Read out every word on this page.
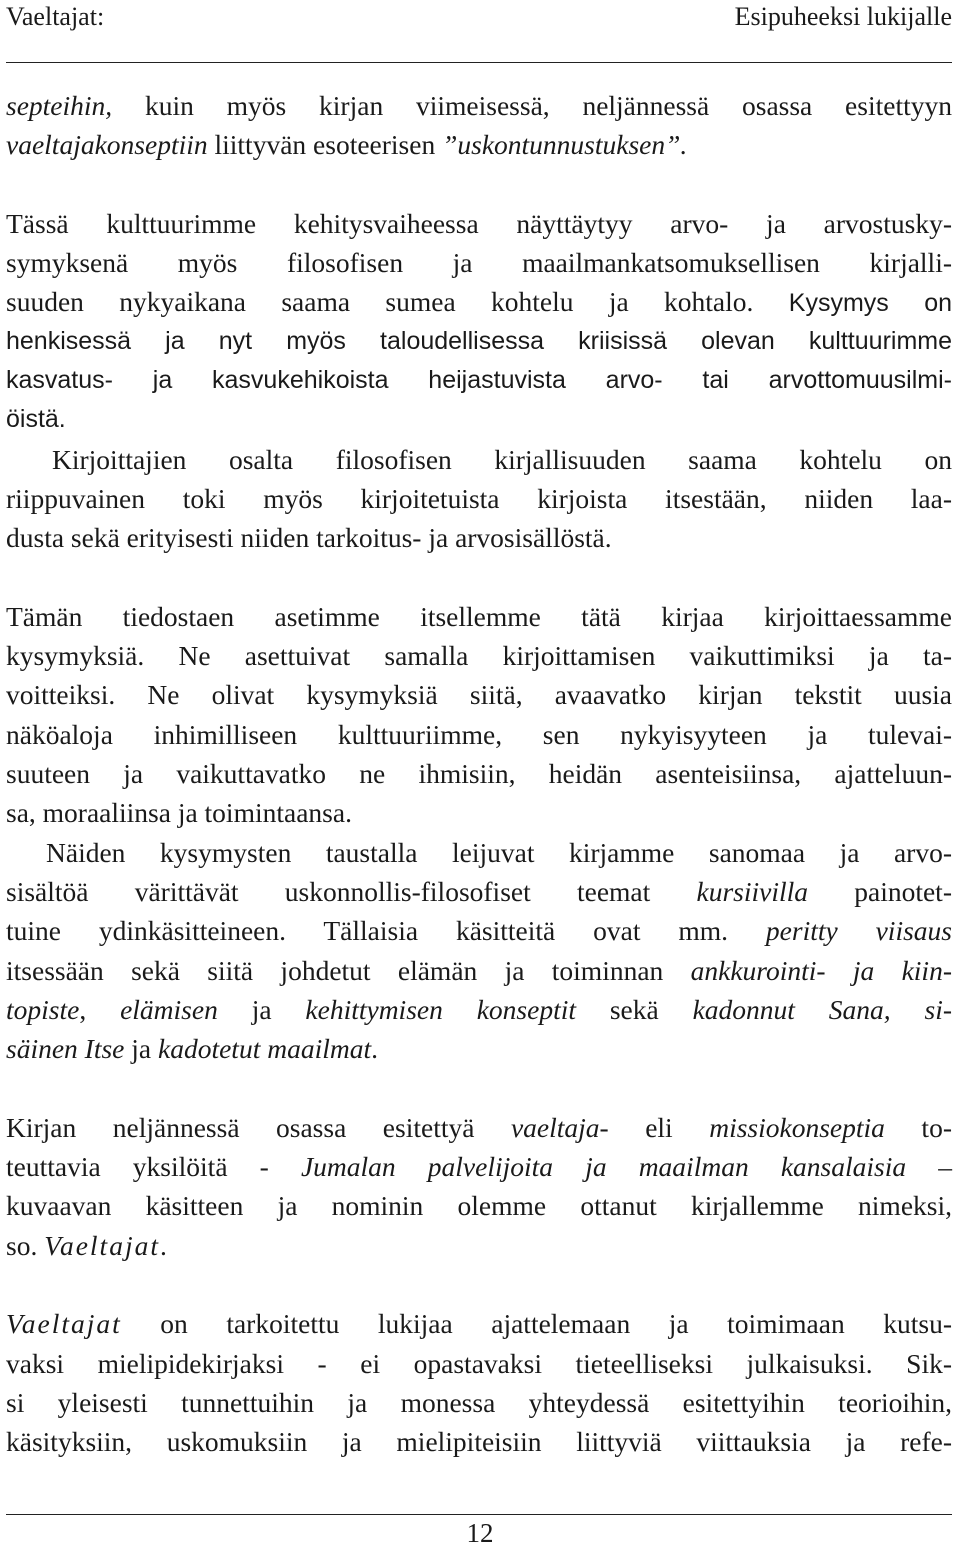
Vaeltajat:	Esipuheeksi lukijalle

septeihin, kuin myös kirjan viimeisessä, neljännessä osassa esitettyyn
vaeltajakonseptiin liittyvän esoteerisen ”uskontunnustuksen”.

Tässä kulttuurimme kehitysvaiheessa näyttäytyy arvo- ja arvostusky-
symyksenä myös filosofisen ja maailmankatsomuksellisen kirjalli-
suuden nykyaikana saama sumea kohtelu ja kohtalo. Kysymys on
henkisessä ja nyt myös taloudellisessa kriisissä olevan kulttuurimme
kasvatus- ja kasvukehikoista heijastuvista arvo- tai arvottomuusilmi-
öistä.

Kirjoittajien osalta filosofisen kirjallisuuden saama kohtelu on
riippuvainen toki myös kirjoitetuista kirjoista itsestään, niiden laa-
dusta sekä erityisesti niiden tarkoitus- ja arvosisällöstä.

Tämän tiedostaen asetimme itsellemme tätä kirjaa kirjoittaessamme
kysymyksiä. Ne asettuivat samalla kirjoittamisen vaikuttimiksi ja ta-
voitteiksi. Ne olivat kysymyksiä siitä, avaavatko kirjan tekstit uusia
näköaloja inhimilliseen kulttuuriimme, sen nykyisyyteen ja tulevai-
suuteen ja vaikuttavatko ne ihmisiin, heidän asenteisiinsa, ajatteluun-
sa, moraaliinsa ja toimintaansa.

Näiden kysymysten taustalla leijuvat kirjamme sanomaa ja arvo-
sisältöä värittävät uskonnollis-filosofiset teemat kursiivilla painotet-
tuine ydinkäsitteineen. Tällaisia käsitteitä ovat mm. peritty viisaus
itsessään sekä siitä johdetut elämän ja toiminnan ankkurointi- ja kiin-
topiste, elämisen ja kehittymisen konseptit sekä kadonnut Sana, si-
säinen Itse ja kadotetut maailmat.

Kirjan neljännessä osassa esitettyä vaeltaja- eli missiokonseptia to-
teuttavia yksilöitä - Jumalan palvelijoita ja maailman kansalaisia –
kuvaavan käsitteen ja nominin olemme ottanut kirjallemme nimeksi,
so. Vaeltajat.

Vaeltajat on tarkoitettu lukijaa ajattelemaan ja toimimaan kutsu-
vaksi mielipidekirjaksi - ei opastavaksi tieteelliseksi julkaisuksi. Sik-
si yleisesti tunnettuihin ja monessa yhteydessä esitettyihin teorioihin,
käsityksiin, uskomuksiin ja mielipiteisiin liittyviä viittauksia ja refe-

12
